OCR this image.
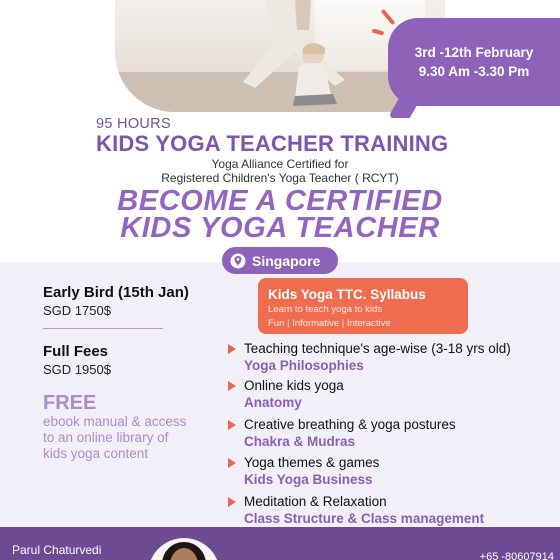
3rd -12th February
9.30 Am -3.30 Pm
95 HOURS
KIDS YOGA TEACHER TRAINING
Yoga Alliance Certified for
Registered Children's Yoga Teacher ( RCYT)
BECOME A CERTIFIED
KIDS YOGA TEACHER
Singapore
Early Bird (15th Jan)
SGD 1750$
Full Fees
SGD 1950$
FREE
ebook manual & access to an online library of kids yoga content
Kids Yoga TTC. Syllabus
Learn to teach yoga to kids
Fun | Informative | Interactive
Teaching technique's age-wise (3-18 yrs old)
Yoga Philosophies
Online kids yoga
Anatomy
Creative breathing & yoga postures
Chakra & Mudras
Yoga themes & games
Kids Yoga Business
Meditation & Relaxation
Class Structure & Class management
Parul Chaturvedi	+65 -80607914
